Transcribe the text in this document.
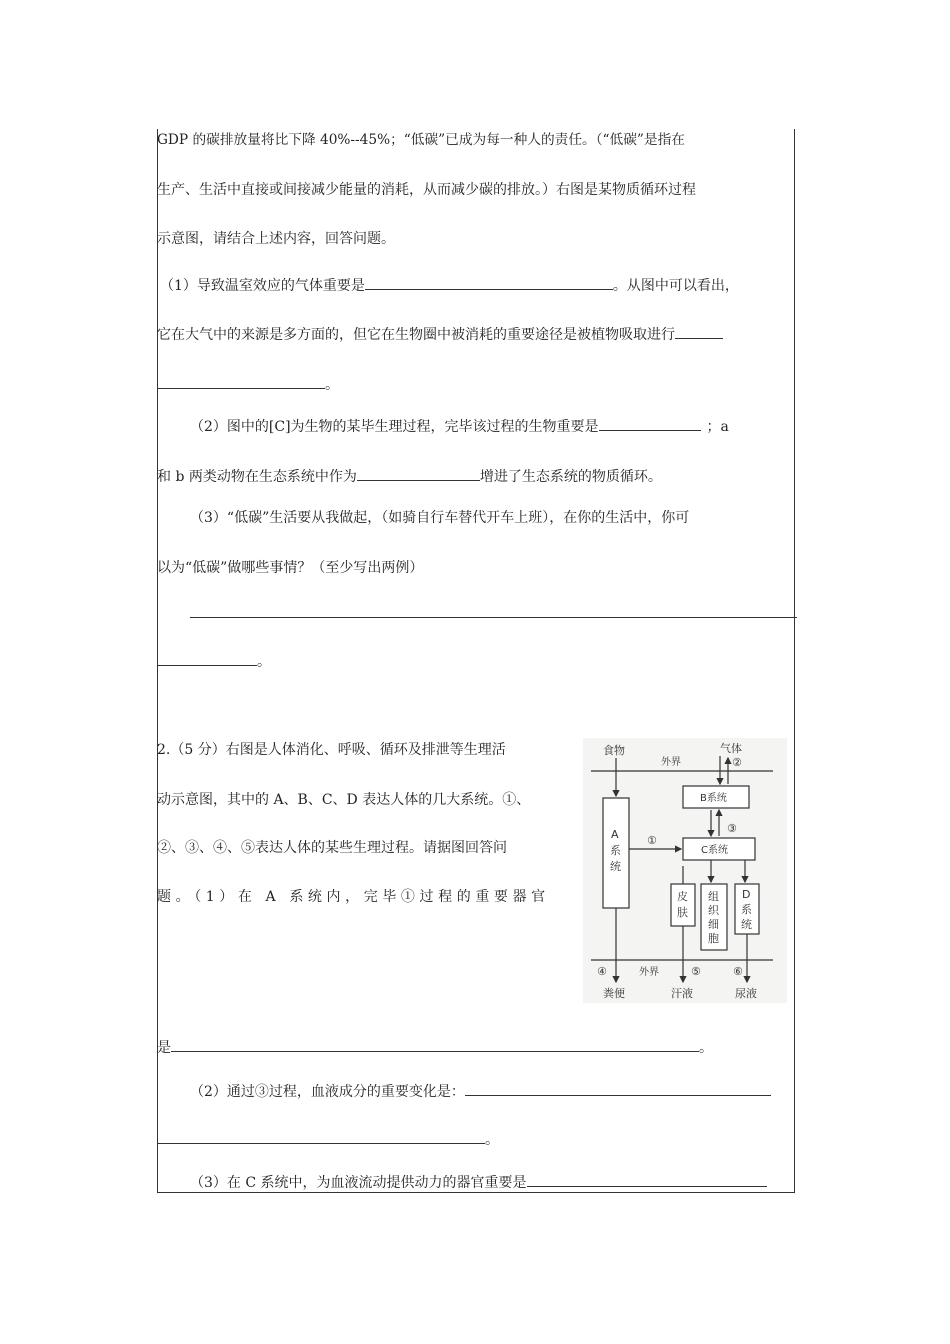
GDP 的碳排放量将比下降 40%--45%；“低碳”已成为每一种人的责任。（“低碳”是指在
生产、生活中直接或间接减少能量的消耗，从而减少碳的排放。）右图是某物质循环过程
示意图，请结合上述内容，回答问题。
（1）导致温室效应的气体重要是	。从图中可以看出，
它在大气中的来源是多方面的，但它在生物圈中被消耗的重要途径是被植物吸取进行
。
（2）图中的[C]为生物的某毕生理过程，完毕该过程的生物重要是	；a
和 b 两类动物在生态系统中作为	增进了生态系统的物质循环。
（3）“低碳”生活要从我做起，（如骑自行车替代开车上班），在你的生活中，你可
以为“低碳”做哪些事情？（至少写出两例）
。
2.（5 分）右图是人体消化、呼吸、循环及排泄等生理活
动示意图，其中的 A、B、C、D 表达人体的几大系统。①、
②、③、④、⑤表达人体的某些生理过程。请据图回答问
题。（1）在 A 系统内，完毕①过程的重要器官
食物	气体
外界	②
A
系
统
B系统
③
C系统
①
皮
肤
组
织
细
胞
D
系
统
外界
④	⑤	⑥
粪便	汗液	尿液
是	。
（2）通过③过程，血液成分的重要变化是：
。
（3）在 C 系统中，为血液流动提供动力的器官重要是
